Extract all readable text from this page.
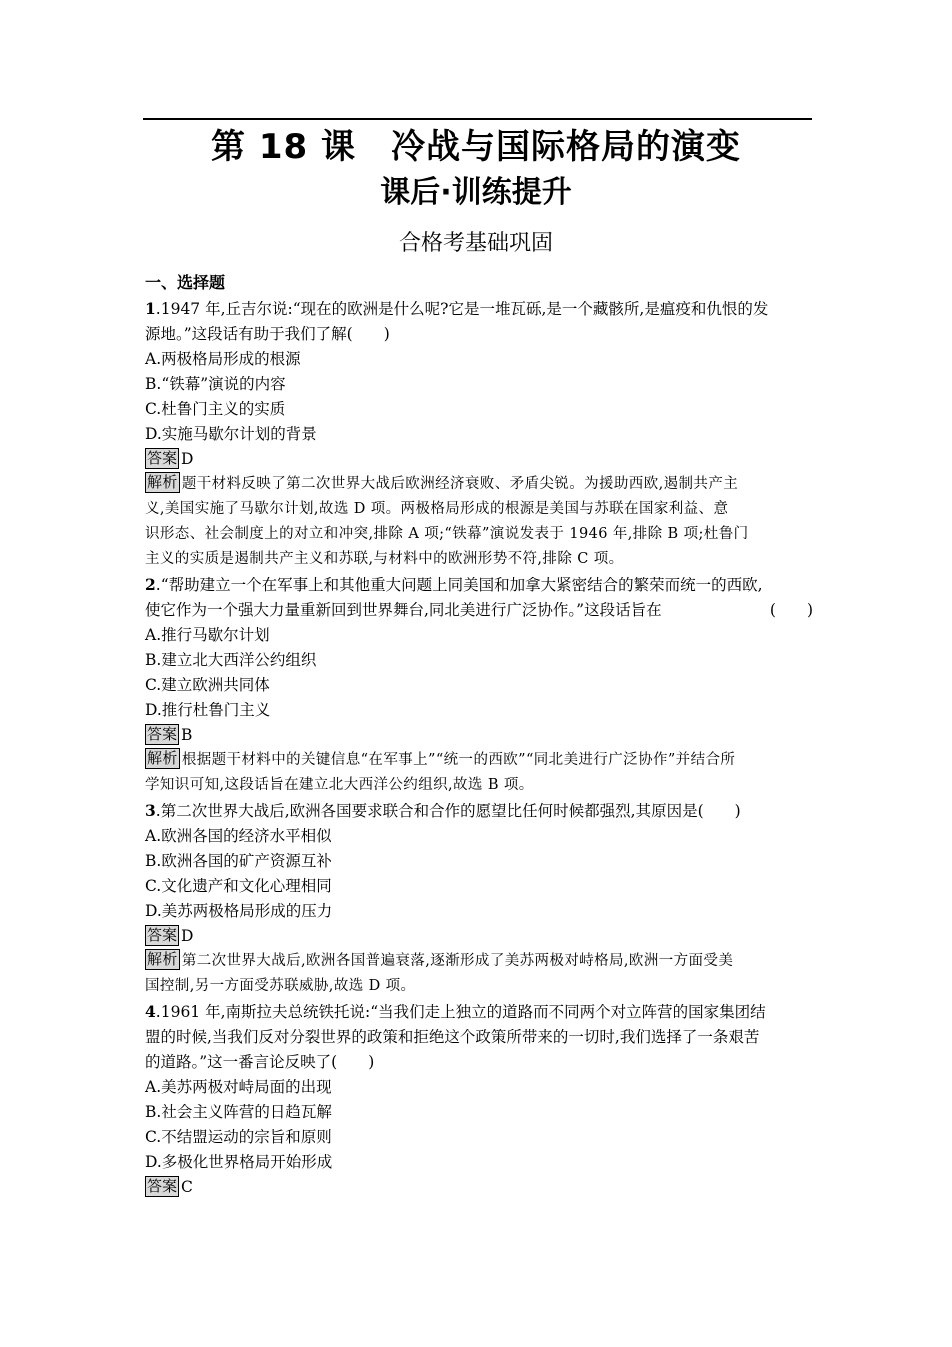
第 18 课　冷战与国际格局的演变
课后·训练提升
合格考基础巩固
一、选择题
1.1947 年,丘吉尔说:“现在的欧洲是什么呢?它是一堆瓦砾,是一个藏骸所,是瘟疫和仇恨的发
源地。”这段话有助于我们了解(　　)
A.两极格局形成的根源
B.“铁幕”演说的内容
C.杜鲁门主义的实质
D.实施马歇尔计划的背景
答案 D
解析 题干材料反映了第二次世界大战后欧洲经济衰败、矛盾尖锐。为援助西欧,遏制共产主
义,美国实施了马歇尔计划,故选 D 项。两极格局形成的根源是美国与苏联在国家利益、意
识形态、社会制度上的对立和冲突,排除 A 项;“铁幕”演说发表于 1946 年,排除 B 项;杜鲁门
主义的实质是遏制共产主义和苏联,与材料中的欧洲形势不符,排除 C 项。
2.“帮助建立一个在军事上和其他重大问题上同美国和加拿大紧密结合的繁荣而统一的西欧,
使它作为一个强大力量重新回到世界舞台,同北美进行广泛协作。”这段话旨在	(　　)
A.推行马歇尔计划
B.建立北大西洋公约组织
C.建立欧洲共同体
D.推行杜鲁门主义
答案 B
解析 根据题干材料中的关键信息“在军事上”“统一的西欧”“同北美进行广泛协作”并结合所
学知识可知,这段话旨在建立北大西洋公约组织,故选 B 项。
3.第二次世界大战后,欧洲各国要求联合和合作的愿望比任何时候都强烈,其原因是(　　)
A.欧洲各国的经济水平相似
B.欧洲各国的矿产资源互补
C.文化遗产和文化心理相同
D.美苏两极格局形成的压力
答案 D
解析 第二次世界大战后,欧洲各国普遍衰落,逐渐形成了美苏两极对峙格局,欧洲一方面受美
国控制,另一方面受苏联威胁,故选 D 项。
4.1961 年,南斯拉夫总统铁托说:“当我们走上独立的道路而不同两个对立阵营的国家集团结
盟的时候,当我们反对分裂世界的政策和拒绝这个政策所带来的一切时,我们选择了一条艰苦
的道路。”这一番言论反映了(　　)
A.美苏两极对峙局面的出现
B.社会主义阵营的日趋瓦解
C.不结盟运动的宗旨和原则
D.多极化世界格局开始形成
答案 C
